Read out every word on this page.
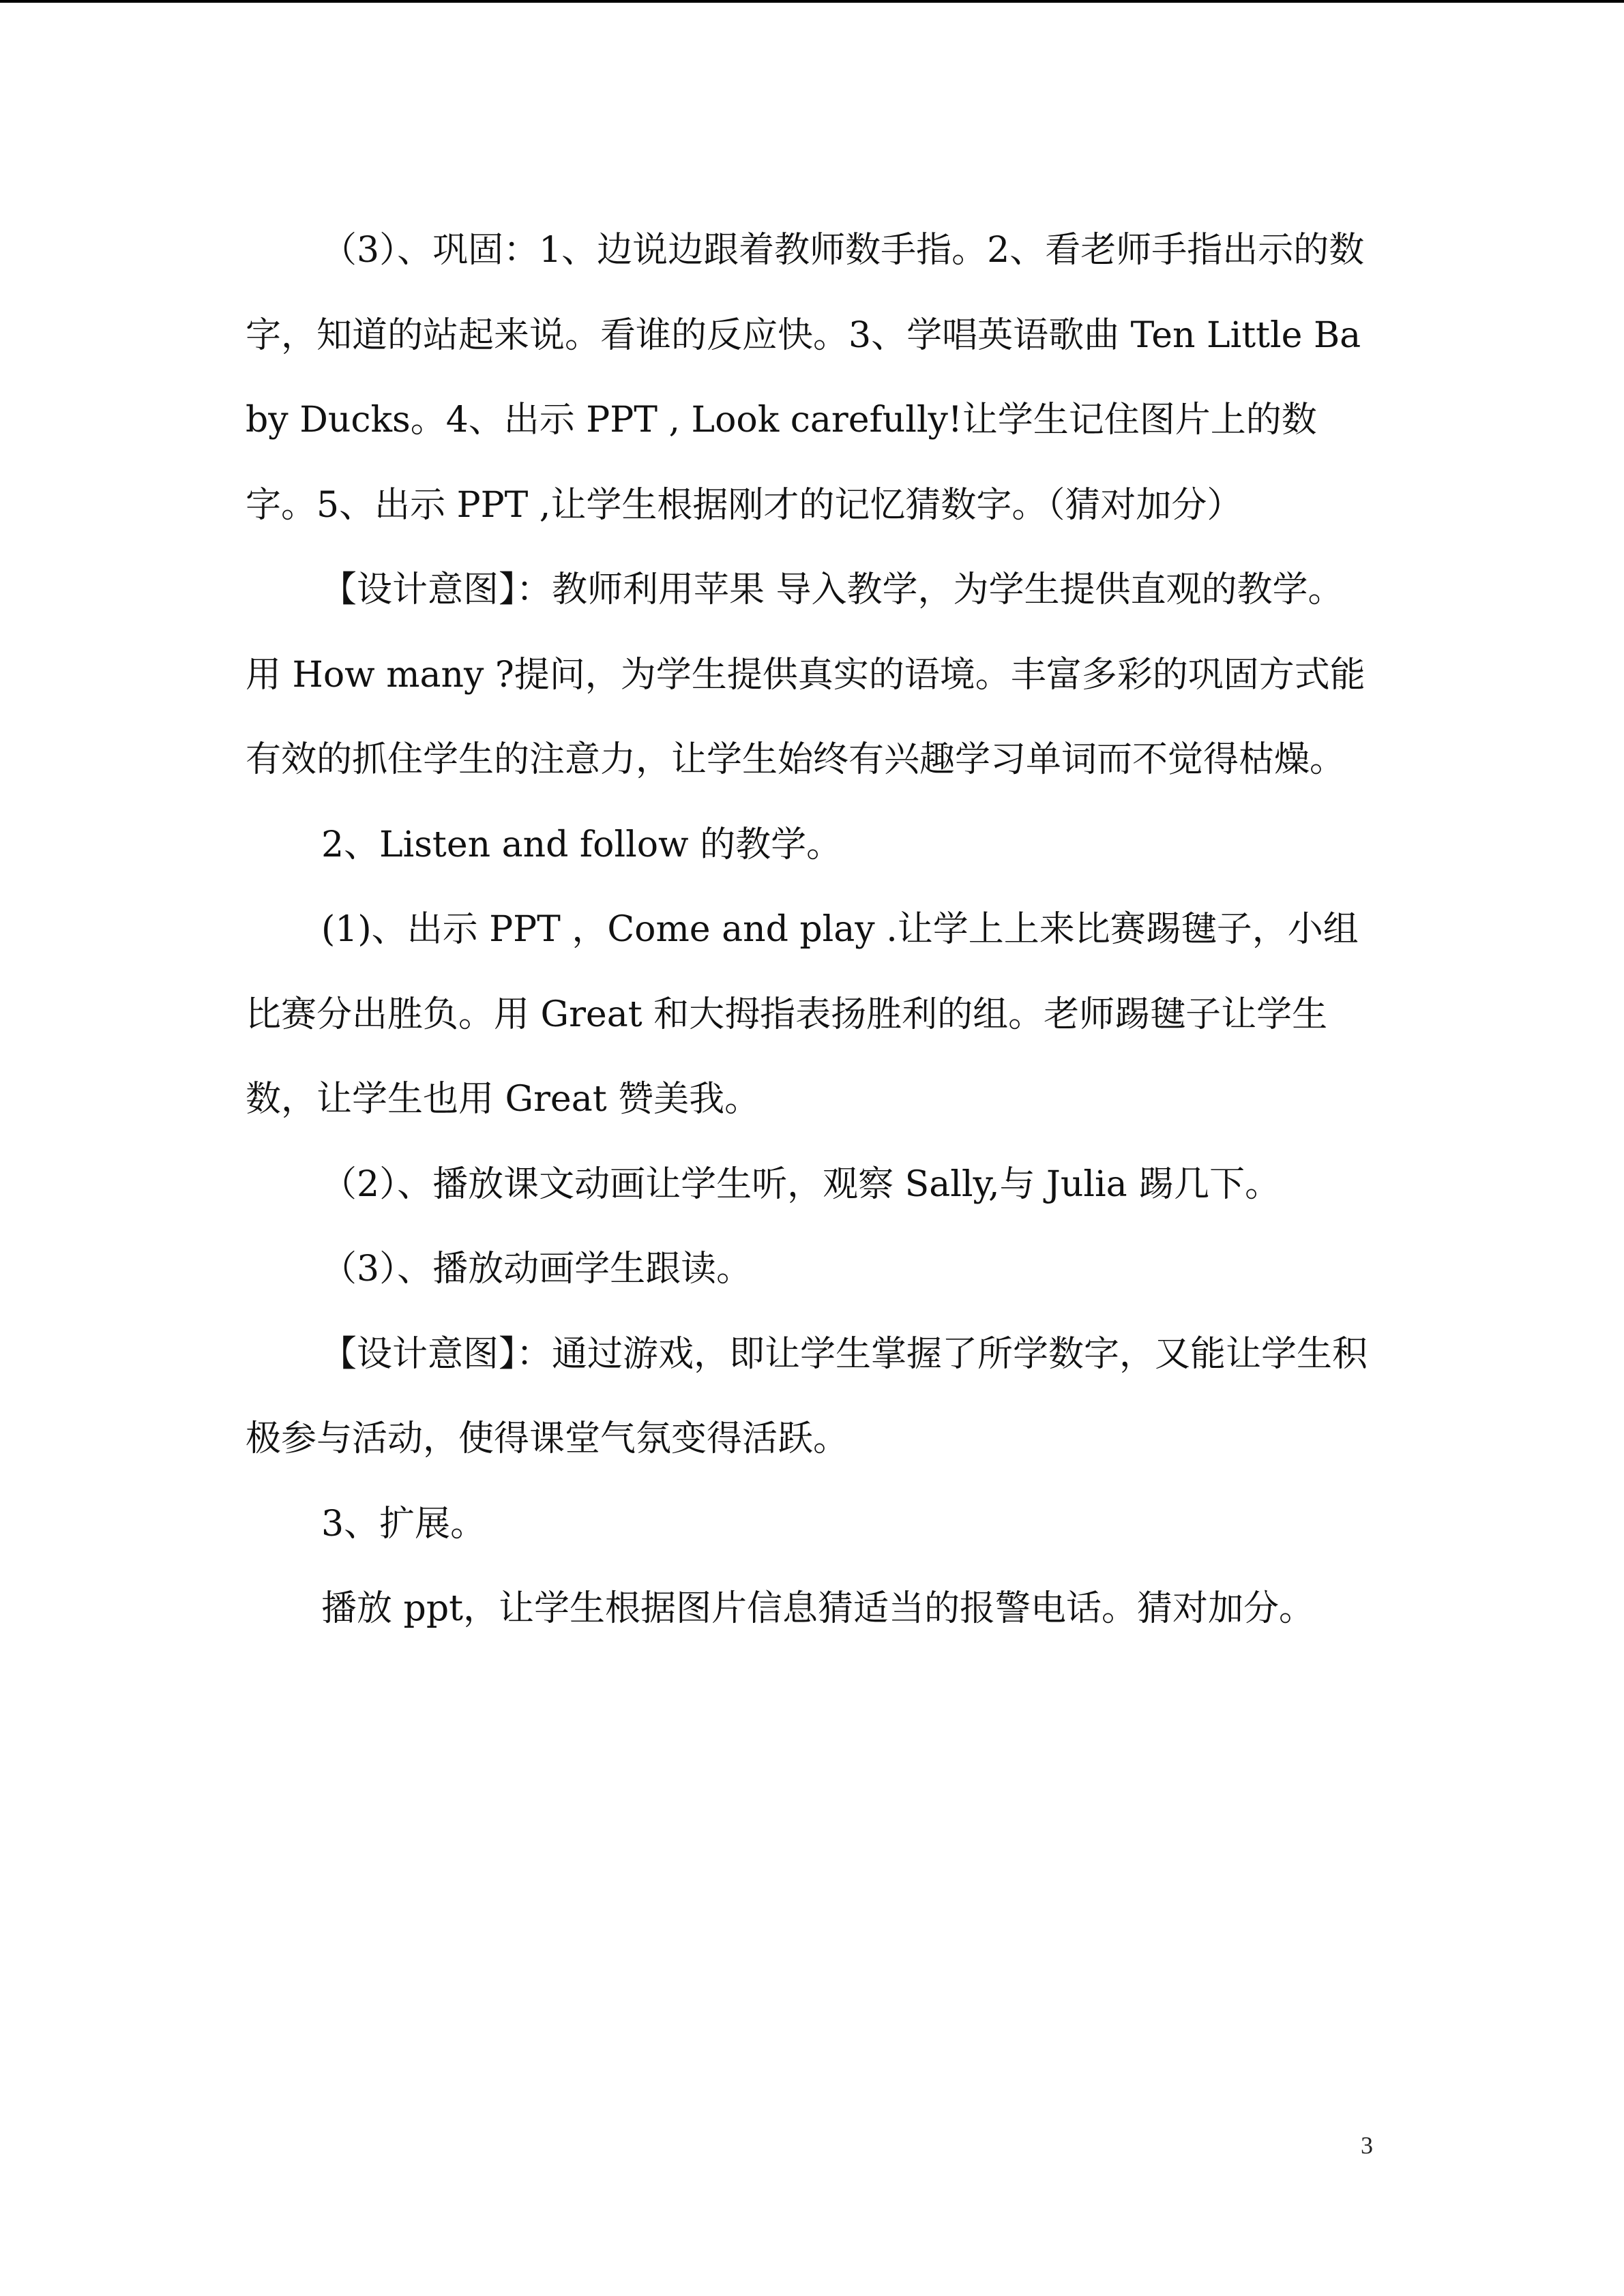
（3）、巩固：1、边说边跟着教师数手指。2、看老师手指出示的数字，知道的站起来说。看谁的反应快。3、学唱英语歌曲 Ten Little Baby Ducks。4、出示 PPT , Look carefully!让学生记住图片上的数字。5、出示 PPT ,让学生根据刚才的记忆猜数字。（猜对加分）

【设计意图】：教师利用苹果 导入教学，为学生提供直观的教学。用 How many ?提问，为学生提供真实的语境。丰富多彩的巩固方式能有效的抓住学生的注意力，让学生始终有兴趣学习单词而不觉得枯燥。

2、Listen and follow 的教学。

(1)、出示 PPT ，Come and play .让学上上来比赛踢毽子，小组比赛分出胜负。用 Great 和大拇指表扬胜利的组。老师踢毽子让学生数，让学生也用 Great 赞美我。

（2）、播放课文动画让学生听，观察 Sally,与 Julia 踢几下。

（3）、播放动画学生跟读。

【设计意图】：通过游戏，即让学生掌握了所学数字，又能让学生积极参与活动，使得课堂气氛变得活跃。

3、扩展。

播放 ppt，让学生根据图片信息猜适当的报警电话。猜对加分。

3
